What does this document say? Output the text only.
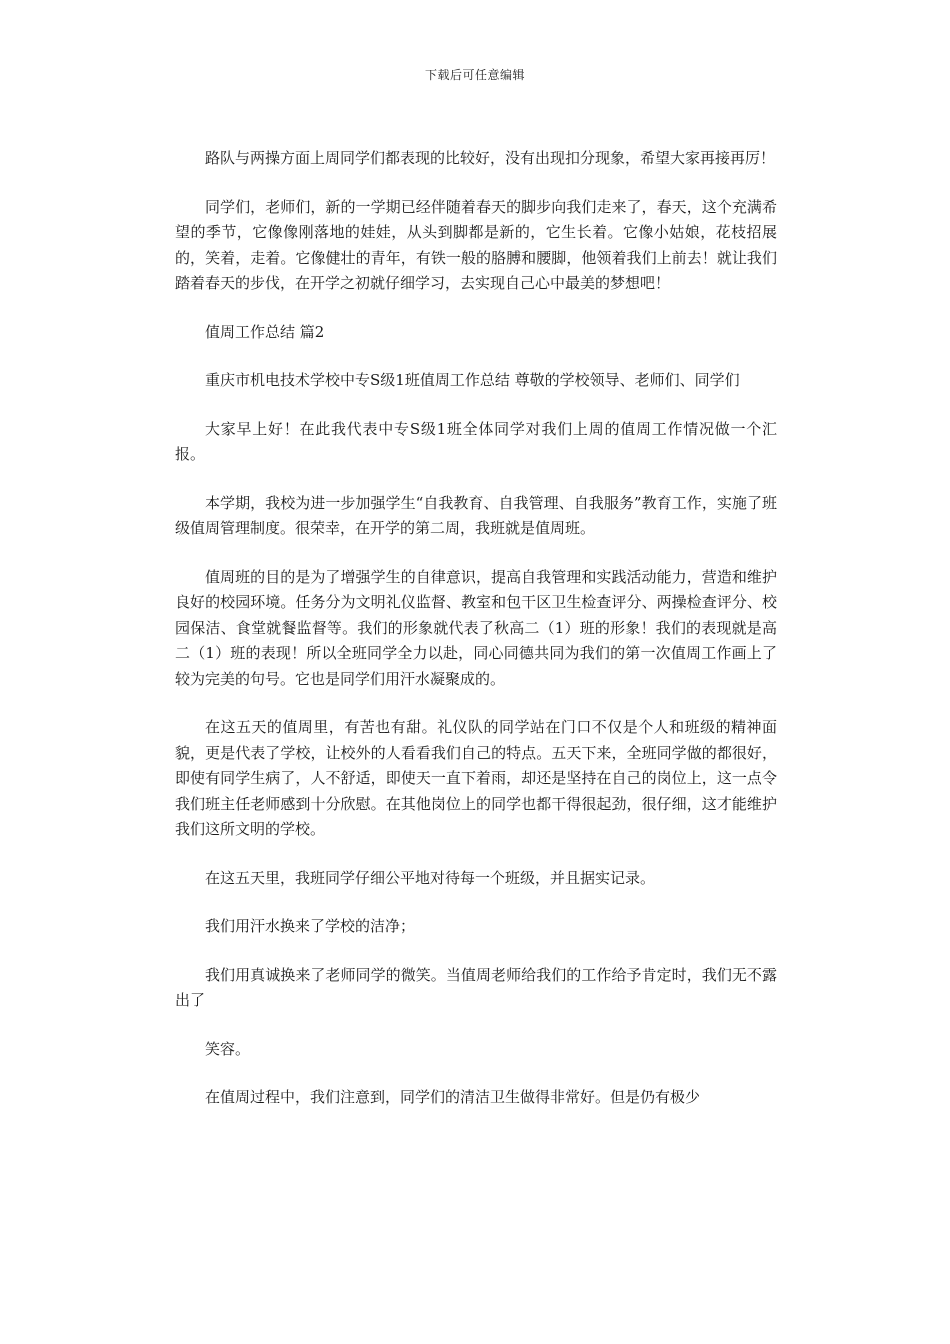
下载后可任意编辑

路队与两操方面上周同学们都表现的比较好，没有出现扣分现象，希望大家再接再厉！

同学们，老师们，新的一学期已经伴随着春天的脚步向我们走来了，春天，这个充满希望的季节，它像像刚落地的娃娃，从头到脚都是新的，它生长着。它像小姑娘，花枝招展的，笑着，走着。它像健壮的青年，有铁一般的胳膊和腰脚，他领着我们上前去！就让我们踏着春天的步伐，在开学之初就仔细学习，去实现自己心中最美的梦想吧！

值周工作总结 篇2

重庆市机电技术学校中专S级1班值周工作总结 尊敬的学校领导、老师们、同学们

大家早上好！在此我代表中专S级1班全体同学对我们上周的值周工作情况做一个汇报。

本学期，我校为进一步加强学生“自我教育、自我管理、自我服务”教育工作，实施了班级值周管理制度。很荣幸，在开学的第二周，我班就是值周班。

值周班的目的是为了增强学生的自律意识，提高自我管理和实践活动能力，营造和维护良好的校园环境。任务分为文明礼仪监督、教室和包干区卫生检查评分、两操检查评分、校园保洁、食堂就餐监督等。我们的形象就代表了秋高二（1）班的形象！我们的表现就是高二（1）班的表现！所以全班同学全力以赴，同心同德共同为我们的第一次值周工作画上了较为完美的句号。它也是同学们用汗水凝聚成的。

在这五天的值周里，有苦也有甜。礼仪队的同学站在门口不仅是个人和班级的精神面貌，更是代表了学校，让校外的人看看我们自己的特点。五天下来，全班同学做的都很好，即使有同学生病了，人不舒适，即使天一直下着雨，却还是坚持在自己的岗位上，这一点令我们班主任老师感到十分欣慰。在其他岗位上的同学也都干得很起劲，很仔细，这才能维护我们这所文明的学校。

在这五天里，我班同学仔细公平地对待每一个班级，并且据实记录。

我们用汗水换来了学校的洁净；

我们用真诚换来了老师同学的微笑。当值周老师给我们的工作给予肯定时，我们无不露出了

笑容。

在值周过程中，我们注意到，同学们的清洁卫生做得非常好。但是仍有极少
